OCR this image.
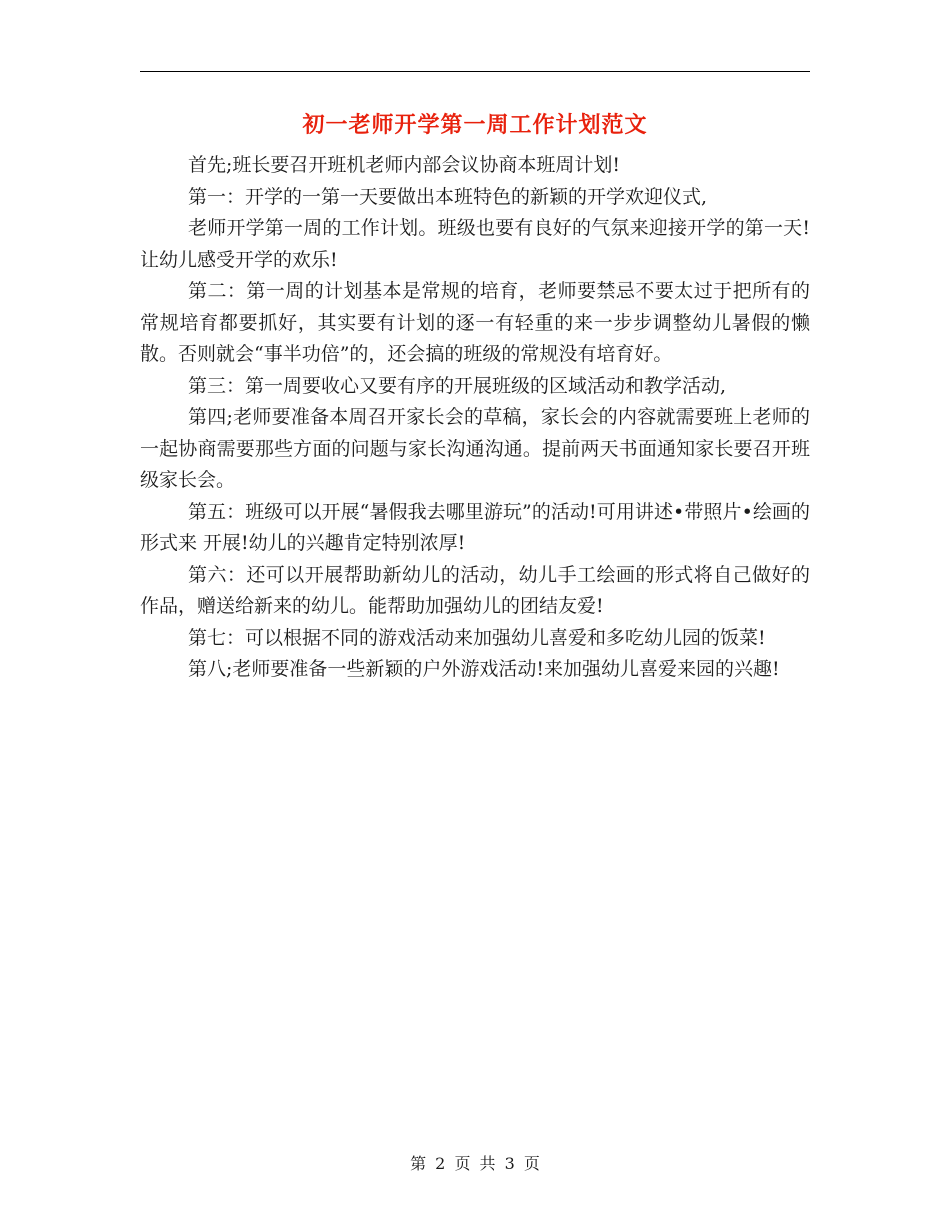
初一老师开学第一周工作计划范文

首先;班长要召开班机老师内部会议协商本班周计划!

第一：开学的一第一天要做出本班特色的新颖的开学欢迎仪式,

老师开学第一周的工作计划。班级也要有良好的气氛来迎接开学的第一天!让幼儿感受开学的欢乐!

第二：第一周的计划基本是常规的培育，老师要禁忌不要太过于把所有的常规培育都要抓好，其实要有计划的逐一有轻重的来一步步调整幼儿暑假的懒散。否则就会“事半功倍”的，还会搞的班级的常规没有培育好。

第三：第一周要收心又要有序的开展班级的区域活动和教学活动,

第四;老师要准备本周召开家长会的草稿，家长会的内容就需要班上老师的一起协商需要那些方面的问题与家长沟通沟通。提前两天书面通知家长要召开班级家长会。

第五：班级可以开展“暑假我去哪里游玩”的活动!可用讲述•带照片•绘画的形式来 开展!幼儿的兴趣肯定特别浓厚!

第六：还可以开展帮助新幼儿的活动，幼儿手工绘画的形式将自己做好的作品，赠送给新来的幼儿。能帮助加强幼儿的团结友爱!

第七：可以根据不同的游戏活动来加强幼儿喜爱和多吃幼儿园的饭菜!

第八;老师要准备一些新颖的户外游戏活动!来加强幼儿喜爱来园的兴趣!

第 2 页 共 3 页
